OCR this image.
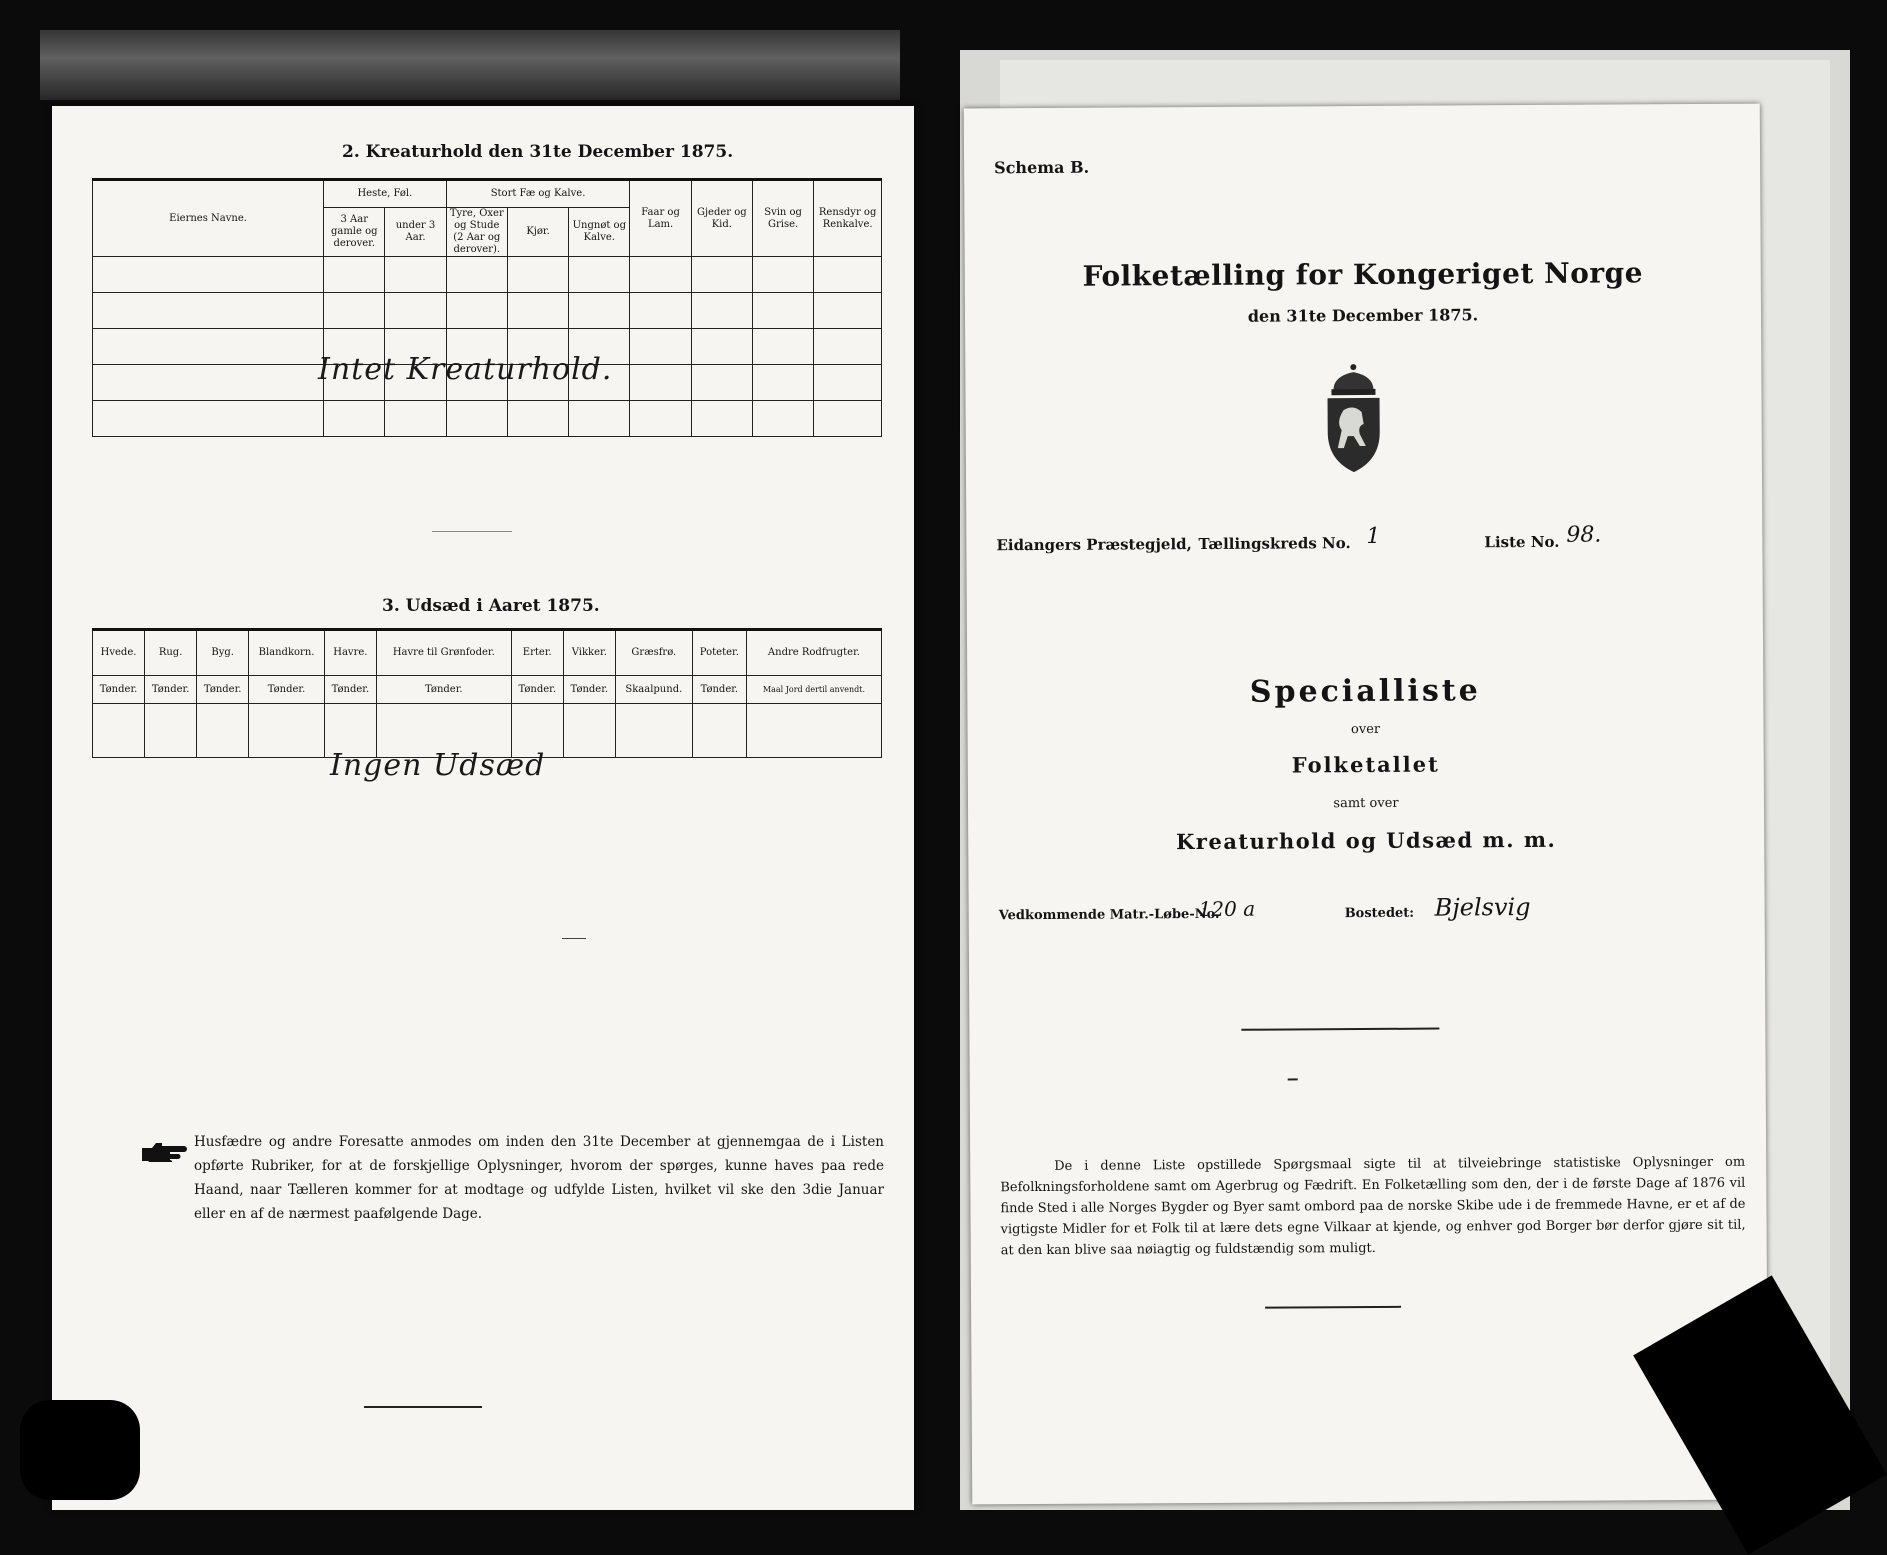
2. Kreaturhold den 31te December 1875.
Eiernes Navne.	Heste, Føl.		Stort Fæ og Kalve.			Faar og Lam.	Gjeder og Kid.	Svin og Grise.	Rensdyr og Renkalve.
	3 Aar gamle og derover.	under 3 Aar.	Tyre, Oxer og Stude (2 Aar og derover).	Kjør.	Ungnøt og Kalve.				

Intet Kreaturhold.
3. Udsæd i Aaret 1875.
Hvede.	Rug.	Byg.	Blandkorn.	Havre.	Havre til Grønfoder.	Erter.	Vikker.	Græsfrø.	Poteter.	Andre Rodfrugter.
Tønder.	Tønder.	Tønder.	Tønder.	Tønder.	Tønder.	Tønder.	Tønder.	Skaalpund.	Tønder.	Maal Jord dertil anvendt.

Ingen Udsæd
Husfædre og andre Foresatte anmodes om inden den 31te December at gjennemgaa de i Listen opførte Rubriker, for at de forskjellige Oplysninger, hvorom der spørges, kunne haves paa rede Haand, naar Tælleren kommer for at modtage og udfylde Listen, hvilket vil ske den 3die Januar eller en af de nærmest paafølgende Dage.
Schema B.
Folketælling for Kongeriget Norge
den 31te December 1875.
Eidangers Præstegjeld, Tællingskreds No. 1	Liste No. 98.
Specialliste
over
Folketallet
samt over
Kreaturhold og Udsæd m. m.
Vedkommende Matr.-Løbe-No.
120 a	Bostedet: Bjelsvig
De i denne Liste opstillede Spørgsmaal sigte til at tilveiebringe statistiske Oplysninger om Befolkningsforholdene samt om Agerbrug og Fædrift. En Folketælling som den, der i de første Dage af 1876 vil finde Sted i alle Norges Bygder og Byer samt ombord paa de norske Skibe ude i de fremmede Havne, er et af de vigtigste Midler for et Folk til at lære dets egne Vilkaar at kjende, og enhver god Borger bør derfor gjøre sit til, at den kan blive saa nøiagtig og fuldstændig som muligt.
